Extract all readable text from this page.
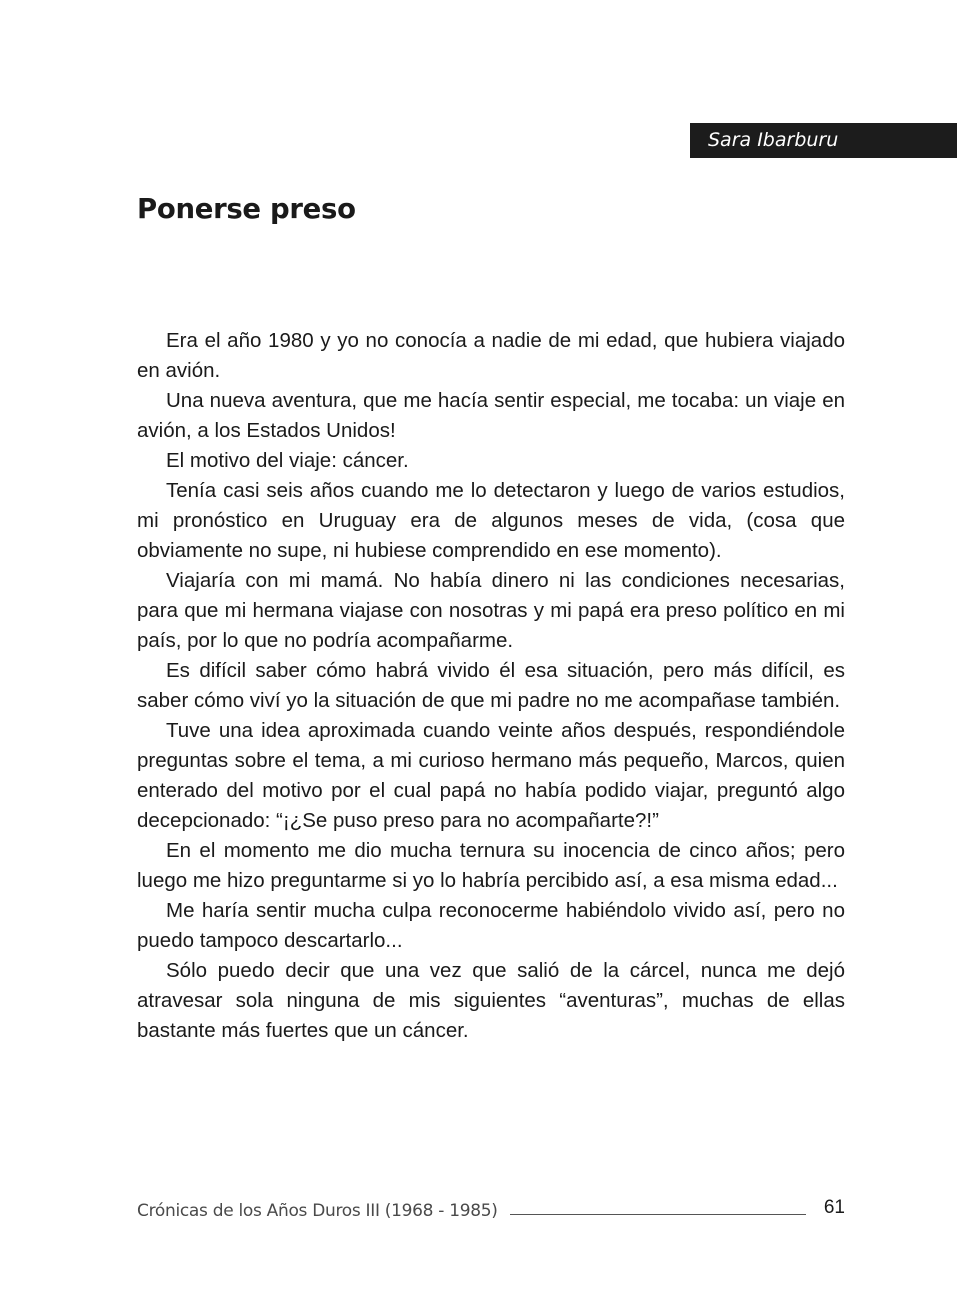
Sara Ibarburu
Ponerse preso

Era el año 1980 y yo no conocía a nadie de mi edad, que hubiera viajado en avión.

Una nueva aventura, que me hacía sentir especial, me tocaba: un viaje en avión, a los Estados Unidos!

El motivo del viaje: cáncer.

Tenía casi seis años cuando me lo detectaron y luego de varios estudios, mi pronóstico en Uruguay era de algunos meses de vida, (cosa que obviamente no supe, ni hubiese comprendido en ese momento).

Viajaría con mi mamá. No había dinero ni las condiciones necesarias, para que mi hermana viajase con nosotras y mi papá era preso político en mi país, por lo que no podría acompañarme.

Es difícil saber cómo habrá vivido él esa situación, pero más difícil, es saber cómo viví yo la situación de que mi padre no me acompañase también.

Tuve una idea aproximada cuando veinte años después, respondiéndole preguntas sobre el tema, a mi curioso hermano más pequeño, Marcos, quien enterado del motivo por el cual papá no había podido viajar, preguntó algo decepcionado: “¡¿Se puso preso para no acompañarte?!”

En el momento me dio mucha ternura su inocencia de cinco años; pero luego me hizo preguntarme si yo lo habría percibido así, a esa misma edad...

Me haría sentir mucha culpa reconocerme habiéndolo vivido así, pero no puedo tampoco descartarlo...

Sólo puedo decir que una vez que salió de la cárcel, nunca me dejó atravesar sola ninguna de mis siguientes “aventuras”, muchas de ellas bastante más fuertes que un cáncer.

Crónicas de los Años Duros III (1968 - 1985)	61
